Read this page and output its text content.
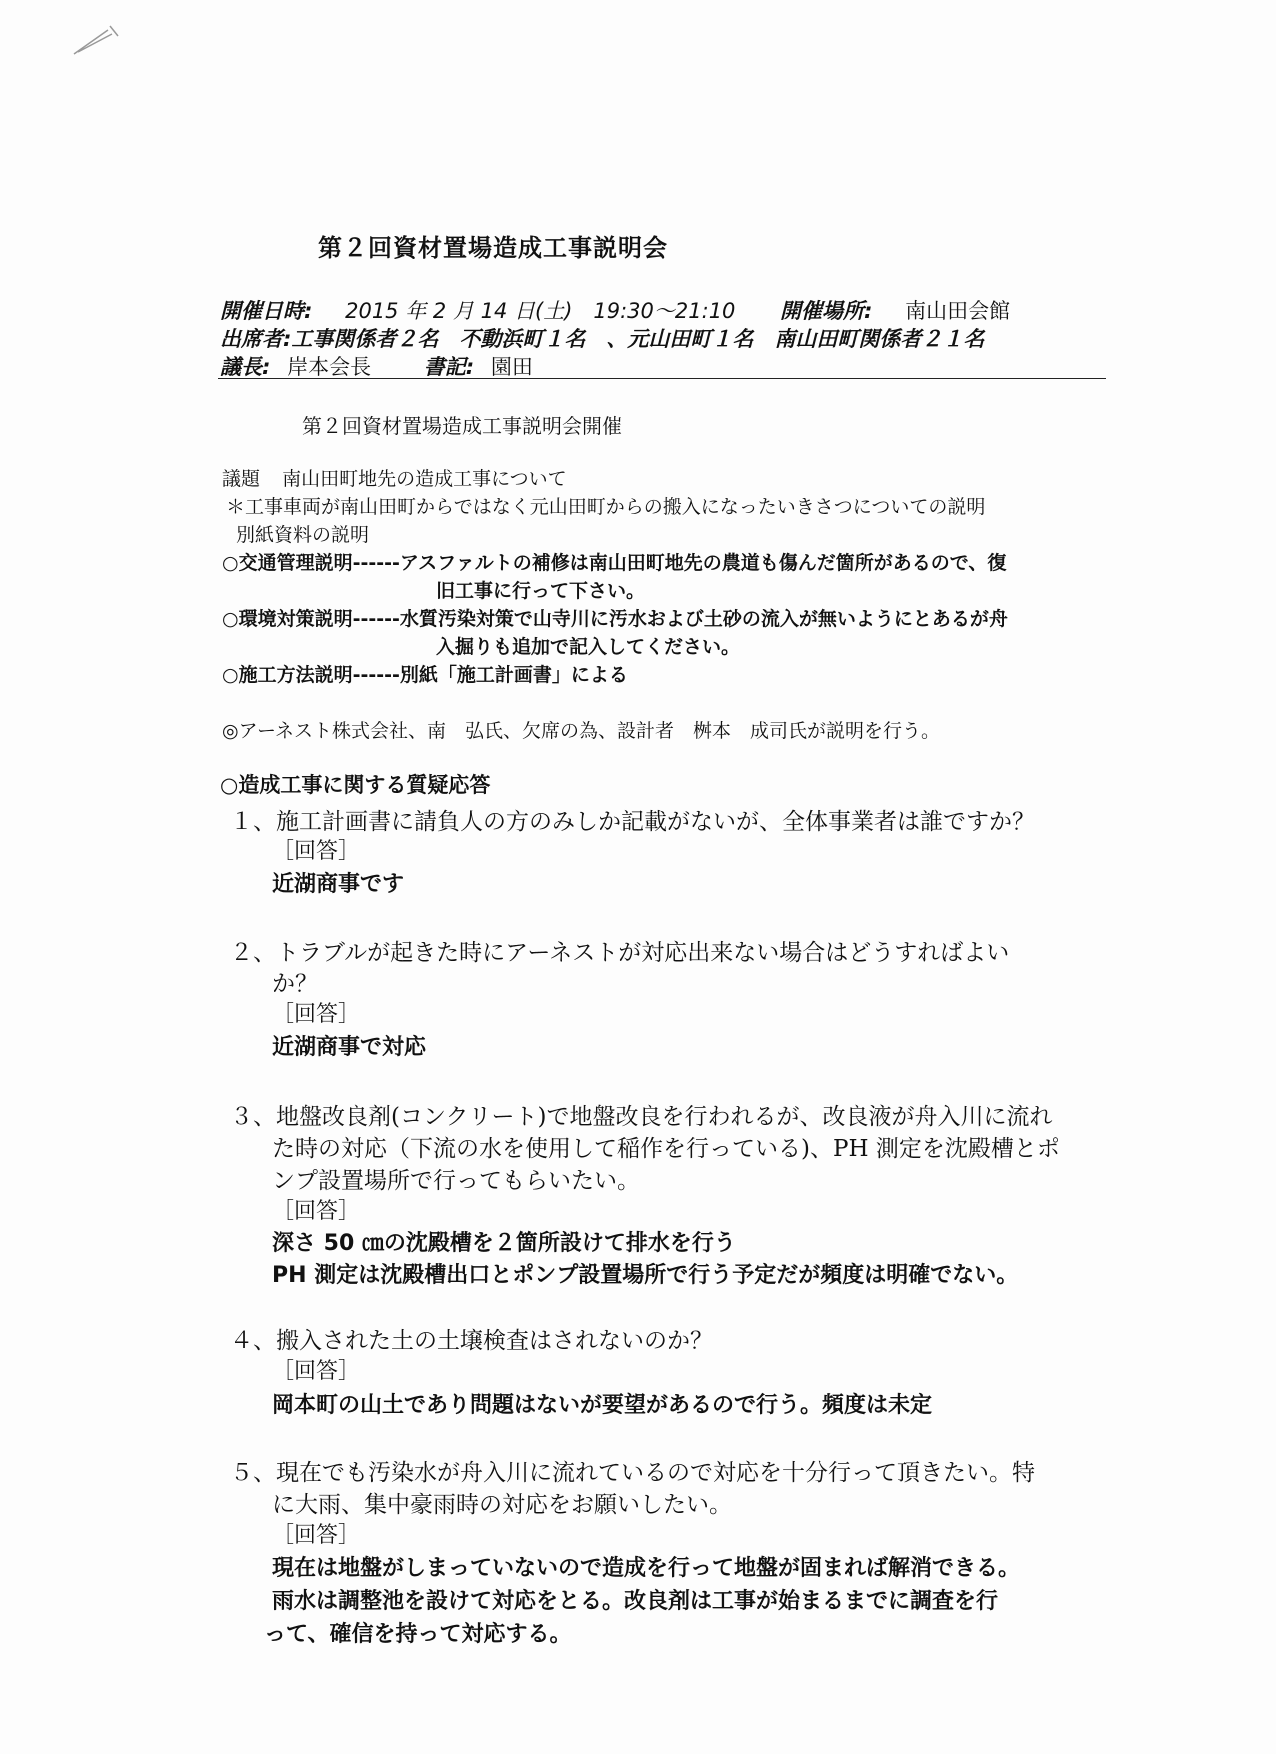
第２回資材置場造成工事説明会
開催日時: 2015 年 2 月 14 日(土)　19:30～21:10 開催場所: 南山田会館
出席者:工事関係者２名　不動浜町１名　、元山田町１名　南山田町関係者２１名
議長: 岸本会長	書記: 園田
第２回資材置場造成工事説明会開催
議題 南山田町地先の造成工事について
＊工事車両が南山田町からではなく元山田町からの搬入になったいきさつについての説明
別紙資料の説明
○交通管理説明------アスファルトの補修は南山田町地先の農道も傷んだ箇所があるので、復
旧工事に行って下さい。
○環境対策説明------水質汚染対策で山寺川に汚水および土砂の流入が無いようにとあるが舟
入掘りも追加で記入してください。
○施工方法説明------別紙「施工計画書」による
◎アーネスト株式会社、南　弘氏、欠席の為、設計者　桝本　成司氏が説明を行う。
○造成工事に関する質疑応答
１、施工計画書に請負人の方のみしか記載がないが、全体事業者は誰ですか？
［回答］
近湖商事です
２、トラブルが起きた時にアーネストが対応出来ない場合はどうすればよい
か？
［回答］
近湖商事で対応
３、地盤改良剤(コンクリート)で地盤改良を行われるが、改良液が舟入川に流れ
た時の対応（下流の水を使用して稲作を行っている)、PH 測定を沈殿槽とポ
ンプ設置場所で行ってもらいたい。
［回答］
深さ 50 ㎝の沈殿槽を２箇所設けて排水を行う
PH 測定は沈殿槽出口とポンプ設置場所で行う予定だが頻度は明確でない。
４、搬入された土の土壌検査はされないのか？
［回答］
岡本町の山土であり問題はないが要望があるので行う。頻度は未定
５、現在でも汚染水が舟入川に流れているので対応を十分行って頂きたい。特
に大雨、集中豪雨時の対応をお願いしたい。
［回答］
現在は地盤がしまっていないので造成を行って地盤が固まれば解消できる。
雨水は調整池を設けて対応をとる。改良剤は工事が始まるまでに調査を行
って、確信を持って対応する。
